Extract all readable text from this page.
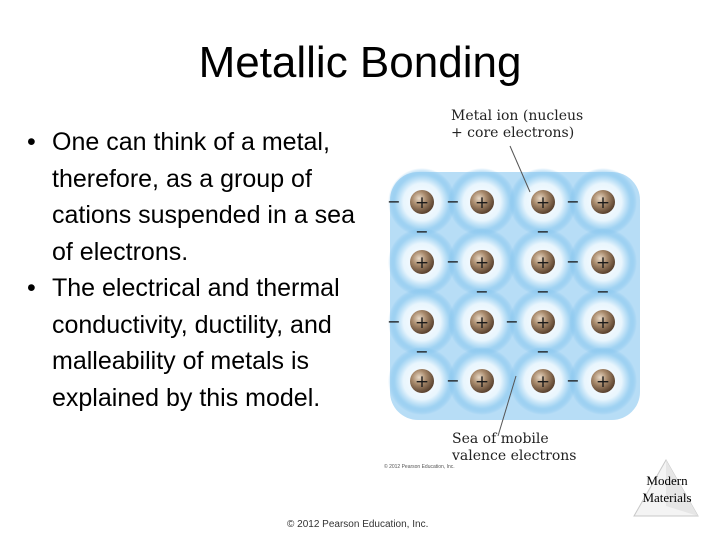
Metallic Bonding
• One can think of a metal, therefore, as a group of cations suspended in a sea of electrons.
• The electrical and thermal conductivity, ductility, and malleability of metals is explained by this model.
Metal ion (nucleus
+ core electrons)
+	+	+	+
+	+	+	+
+	+	+	+
+	+	+	+
−	−	−
−	−
−	−
−	−	−
−	−
−	−
−	−
Sea of mobile
valence electrons
© 2012 Pearson Education, Inc.
© 2012 Pearson Education, Inc.
Modern
Materials
